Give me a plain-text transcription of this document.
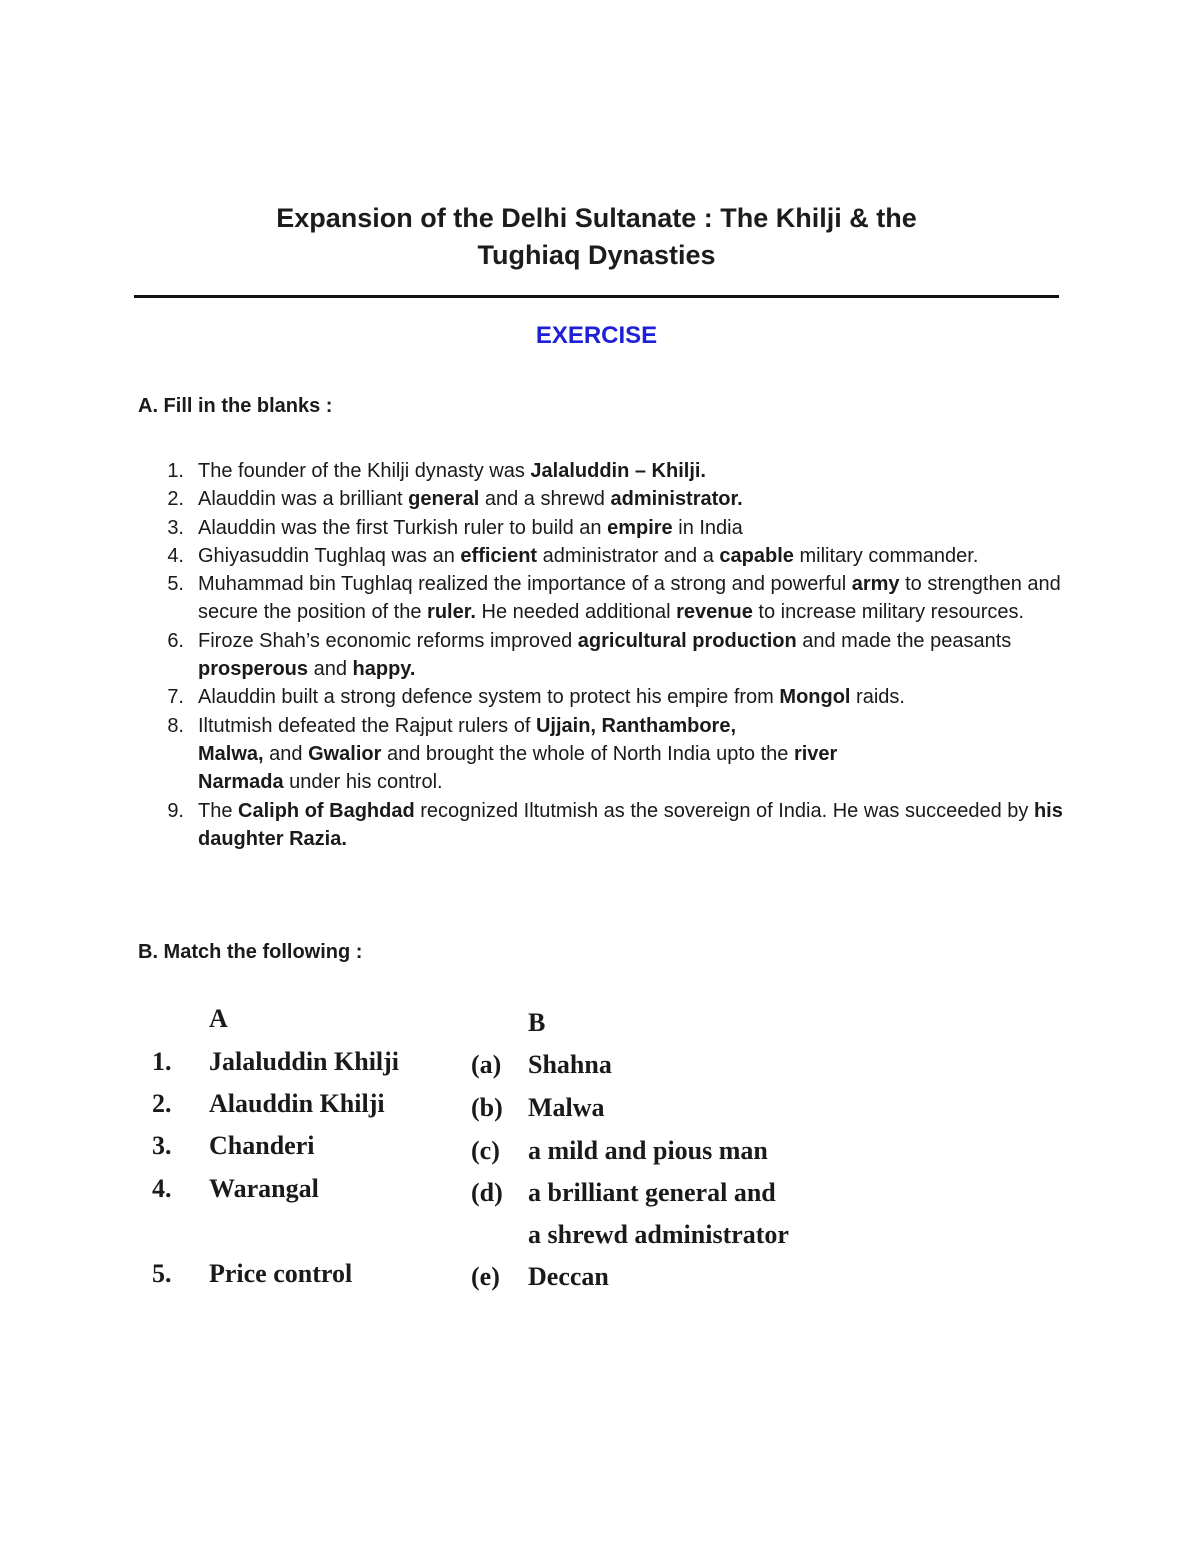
Expansion of the Delhi Sultanate : The Khilji & the
Tughiaq Dynasties
EXERCISE
A. Fill in the blanks :
1. The founder of the Khilji dynasty was Jalaluddin – Khilji.
2. Alauddin was a brilliant general and a shrewd administrator.
3. Alauddin was the first Turkish ruler to build an empire in India
4. Ghiyasuddin Tughlaq was an efficient administrator and a capable military commander.
5. Muhammad bin Tughlaq realized the importance of a strong and powerful army to strengthen and secure the position of the ruler. He needed additional revenue to increase military resources.
6. Firoze Shah’s economic reforms improved agricultural production and made the peasants prosperous and happy.
7. Alauddin built a strong defence system to protect his empire from Mongol raids.
8. Iltutmish defeated the Rajput rulers of Ujjain, Ranthambore,
Malwa, and Gwalior and brought the whole of North India upto the river
Narmada under his control.
9. The Caliph of Baghdad recognized Iltutmish as the sovereign of India. He was succeeded by his daughter Razia.
B. Match the following :
A	B
1. Jalaluddin Khilji	(a) Shahna
2. Alauddin Khilji	(b) Malwa
3. Chanderi	(c) a mild and pious man
4. Warangal	(d) a brilliant general and
a shrewd administrator
5. Price control	(e) Deccan
